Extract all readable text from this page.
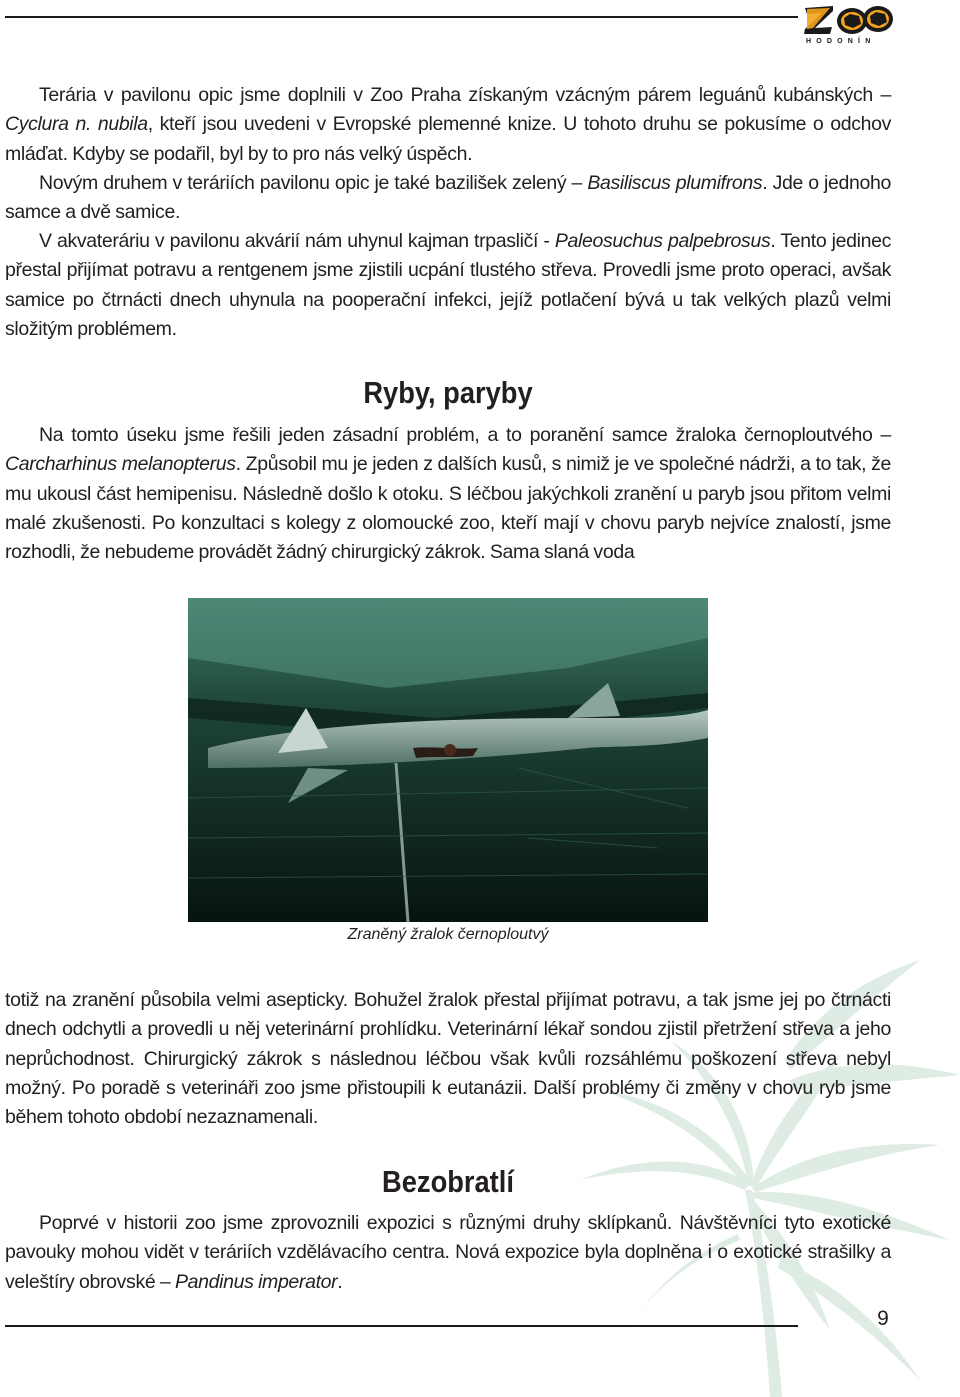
HODONÍN

Terária v pavilonu opic jsme doplnili v Zoo Praha získaným vzácným párem leguánů kubánských – Cyclura n. nubila, kteří jsou uvedeni v Evropské plemenné knize. U tohoto druhu se pokusíme o odchov mláďat. Kdyby se podařil, byl by to pro nás velký úspěch.

Novým druhem v teráriích pavilonu opic je také bazilišek zelený – Basiliscus plumifrons. Jde o jednoho samce a dvě samice.

V akvateráriu v pavilonu akvárií nám uhynul kajman trpasličí - Paleosuchus palpebrosus. Tento jedinec přestal přijímat potravu a rentgenem jsme zjistili ucpání tlustého střeva. Provedli jsme proto operaci, avšak samice po čtrnácti dnech uhynula na pooperační infekci, jejíž potlačení bývá u tak velkých plazů velmi složitým problémem.

Ryby, paryby

Na tomto úseku jsme řešili jeden zásadní problém, a to poranění samce žraloka černoploutvého – Carcharhinus melanopterus. Způsobil mu je jeden z dalších kusů, s nimiž je ve společné nádrži, a to tak, že mu ukousl část hemipenisu. Následně došlo k otoku. S léčbou jakýchkoli zranění u paryb jsou přitom velmi malé zkušenosti. Po konzultaci s kolegy z olomoucké zoo, kteří mají v chovu paryb nejvíce znalostí, jsme rozhodli, že nebudeme provádět žádný chirurgický zákrok. Sama slaná voda

Zraněný žralok černoploutvý

totiž na zranění působila velmi asepticky. Bohužel žralok přestal přijímat potravu, a tak jsme jej po čtrnácti dnech odchytli a provedli u něj veterinární prohlídku. Veterinární lékař sondou zjistil přetržení střeva a jeho neprůchodnost. Chirurgický zákrok s následnou léčbou však kvůli rozsáhlému poškození střeva nebyl možný. Po poradě s veterináři zoo jsme přistoupili k eutanázii. Další problémy či změny v chovu ryb jsme během tohoto období nezaznamenali.

Bezobratlí

Poprvé v historii zoo jsme zprovoznili expozici s různými druhy sklípkanů. Návštěvníci tyto exotické pavouky mohou vidět v teráriích vzdělávacího centra. Nová expozice byla doplněna i o exotické strašilky a veleštíry obrovské – Pandinus imperator.

9
